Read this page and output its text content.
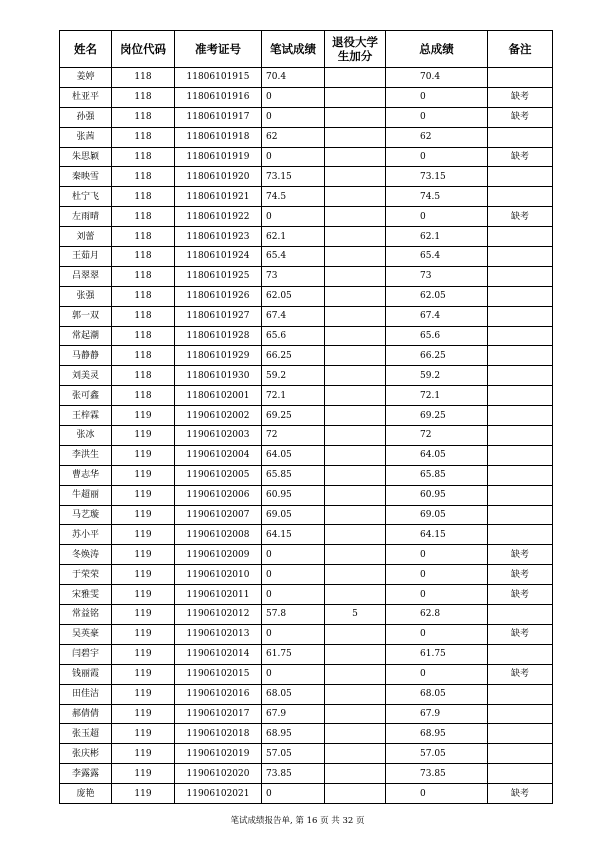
姓名	岗位代码	准考证号	笔试成绩	退役大学生加分	总成绩	备注
姜婷	118	11806101915	70.4		70.4	
杜亚平	118	11806101916	0		0	缺考
孙强	118	11806101917	0		0	缺考
张茜	118	11806101918	62		62	
朱思颖	118	11806101919	0		0	缺考
秦映雪	118	11806101920	73.15		73.15	
杜宁飞	118	11806101921	74.5		74.5	
左雨晴	118	11806101922	0		0	缺考
刘蕾	118	11806101923	62.1		62.1	
王茹月	118	11806101924	65.4		65.4	
吕翠翠	118	11806101925	73		73	
张强	118	11806101926	62.05		62.05	
郭一双	118	11806101927	67.4		67.4	
常起潮	118	11806101928	65.6		65.6	
马静静	118	11806101929	66.25		66.25	
刘美灵	118	11806101930	59.2		59.2	
张可鑫	118	11806102001	72.1		72.1	
王梓霖	119	11906102002	69.25		69.25	
张冰	119	11906102003	72		72	
李洪生	119	11906102004	64.05		64.05	
曹志华	119	11906102005	65.85		65.85	
牛超丽	119	11906102006	60.95		60.95	
马艺璇	119	11906102007	69.05		69.05	
苏小平	119	11906102008	64.15		64.15	
冬焕涛	119	11906102009	0		0	缺考
于荣荣	119	11906102010	0		0	缺考
宋雅雯	119	11906102011	0		0	缺考
常益铭	119	11906102012	57.8	5	62.8	
吴英豪	119	11906102013	0		0	缺考
闫碧宇	119	11906102014	61.75		61.75	
钱丽霞	119	11906102015	0		0	缺考
田佳洁	119	11906102016	68.05		68.05	
郝倩倩	119	11906102017	67.9		67.9	
张玉超	119	11906102018	68.95		68.95	
张庆彬	119	11906102019	57.05		57.05	
李露露	119	11906102020	73.85		73.85	
庞艳	119	11906102021	0		0	缺考
笔试成绩报告单, 第 16 页 共 32 页
